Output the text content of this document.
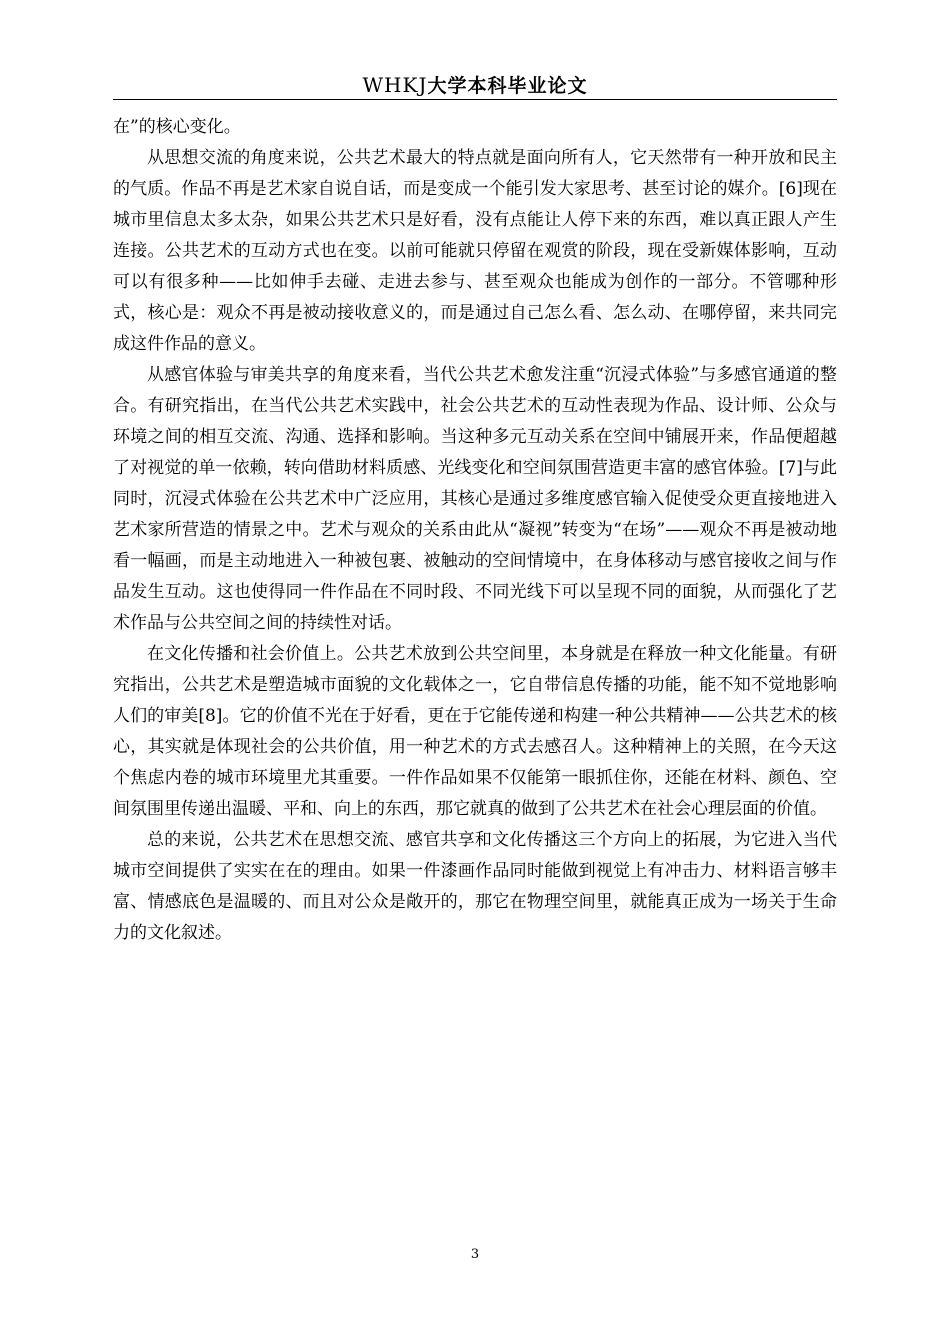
WHKJ大学本科毕业论文

在”的核心变化。

从思想交流的角度来说，公共艺术最大的特点就是面向所有人，它天然带有一种开放和民主的气质。作品不再是艺术家自说自话，而是变成一个能引发大家思考、甚至讨论的媒介。[6]现在城市里信息太多太杂，如果公共艺术只是好看，没有点能让人停下来的东西，难以真正跟人产生连接。公共艺术的互动方式也在变。以前可能就只停留在观赏的阶段，现在受新媒体影响，互动可以有很多种——比如伸手去碰、走进去参与、甚至观众也能成为创作的一部分。不管哪种形式，核心是：观众不再是被动接收意义的，而是通过自己怎么看、怎么动、在哪停留，来共同完成这件作品的意义。

从感官体验与审美共享的角度来看，当代公共艺术愈发注重“沉浸式体验”与多感官通道的整合。有研究指出，在当代公共艺术实践中，社会公共艺术的互动性表现为作品、设计师、公众与环境之间的相互交流、沟通、选择和影响。当这种多元互动关系在空间中铺展开来，作品便超越了对视觉的单一依赖，转向借助材料质感、光线变化和空间氛围营造更丰富的感官体验。[7]与此同时，沉浸式体验在公共艺术中广泛应用，其核心是通过多维度感官输入促使受众更直接地进入艺术家所营造的情景之中。艺术与观众的关系由此从“凝视”转变为“在场”——观众不再是被动地看一幅画，而是主动地进入一种被包裹、被触动的空间情境中，在身体移动与感官接收之间与作品发生互动。这也使得同一件作品在不同时段、不同光线下可以呈现不同的面貌，从而强化了艺术作品与公共空间之间的持续性对话。

在文化传播和社会价值上。公共艺术放到公共空间里，本身就是在释放一种文化能量。有研究指出，公共艺术是塑造城市面貌的文化载体之一，它自带信息传播的功能，能不知不觉地影响人们的审美[8]。它的价值不光在于好看，更在于它能传递和构建一种公共精神——公共艺术的核心，其实就是体现社会的公共价值，用一种艺术的方式去感召人。这种精神上的关照，在今天这个焦虑内卷的城市环境里尤其重要。一件作品如果不仅能第一眼抓住你，还能在材料、颜色、空间氛围里传递出温暖、平和、向上的东西，那它就真的做到了公共艺术在社会心理层面的价值。

总的来说，公共艺术在思想交流、感官共享和文化传播这三个方向上的拓展，为它进入当代城市空间提供了实实在在的理由。如果一件漆画作品同时能做到视觉上有冲击力、材料语言够丰富、情感底色是温暖的、而且对公众是敞开的，那它在物理空间里，就能真正成为一场关于生命力的文化叙述。

3
